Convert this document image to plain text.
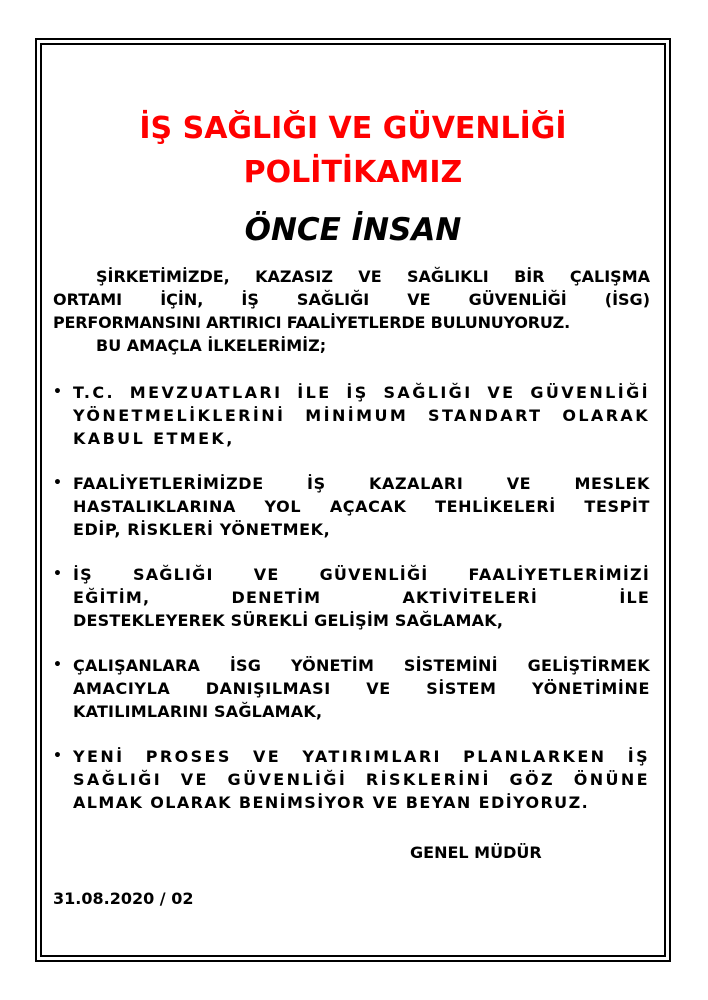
İŞ SAĞLIĞI VE GÜVENLİĞİ
POLİTİKAMIZ
ÖNCE İNSAN
ŞİRKETİMİZDE, KAZASIZ VE SAĞLIKLI BİR ÇALIŞMA
ORTAMI İÇİN, İŞ SAĞLIĞI VE GÜVENLİĞİ (İSG)
PERFORMANSINI ARTIRICI FAALİYETLERDE BULUNUYORUZ.
BU AMAÇLA İLKELERİMİZ;
• T.C. MEVZUATLARI İLE İŞ SAĞLIĞI VE GÜVENLİĞİ
YÖNETMELİKLERİNİ MİNİMUM STANDART OLARAK
KABUL ETMEK,
• FAALİYETLERİMİZDE İŞ KAZALARI VE MESLEK
HASTALIKLARINA YOL AÇACAK TEHLİKELERİ TESPİT
EDİP, RİSKLERİ YÖNETMEK,
• İŞ SAĞLIĞI VE GÜVENLİĞİ FAALİYETLERİMİZİ
EĞİTİM, DENETİM AKTİVİTELERİ İLE
DESTEKLEYEREK SÜREKLİ GELİŞİM SAĞLAMAK,
• ÇALIŞANLARA İSG YÖNETİM SİSTEMİNİ GELİŞTİRMEK
AMACIYLA DANIŞILMASI VE SİSTEM YÖNETİMİNE
KATILIMLARINI SAĞLAMAK,
• YENİ PROSES VE YATIRIMLARI PLANLARKEN İŞ
SAĞLIĞI VE GÜVENLİĞİ RİSKLERİNİ GÖZ ÖNÜNE
ALMAK OLARAK BENİMSİYOR VE BEYAN EDİYORUZ.

GENEL MÜDÜR

31.08.2020 / 02
